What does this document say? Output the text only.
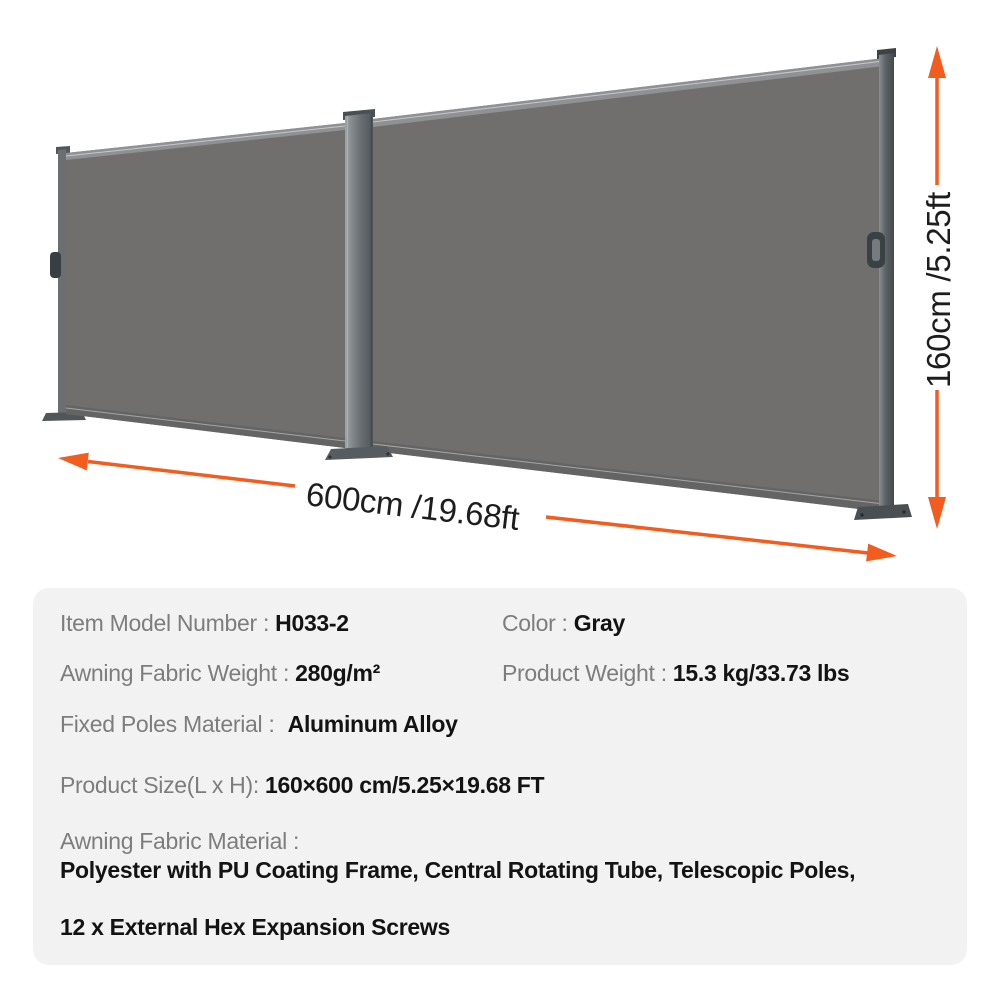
600cm /19.68ft
160cm /5.25ft
Item Model Number : H033-2	Color : Gray
Awning Fabric Weight : 280g/m²	Product Weight : 15.3 kg/33.73 lbs
Fixed Poles Material : Aluminum Alloy
Product Size(L x H): 160×600 cm/5.25×19.68 FT
Awning Fabric Material :
Polyester with PU Coating Frame, Central Rotating Tube, Telescopic Poles,
12 x External Hex Expansion Screws
